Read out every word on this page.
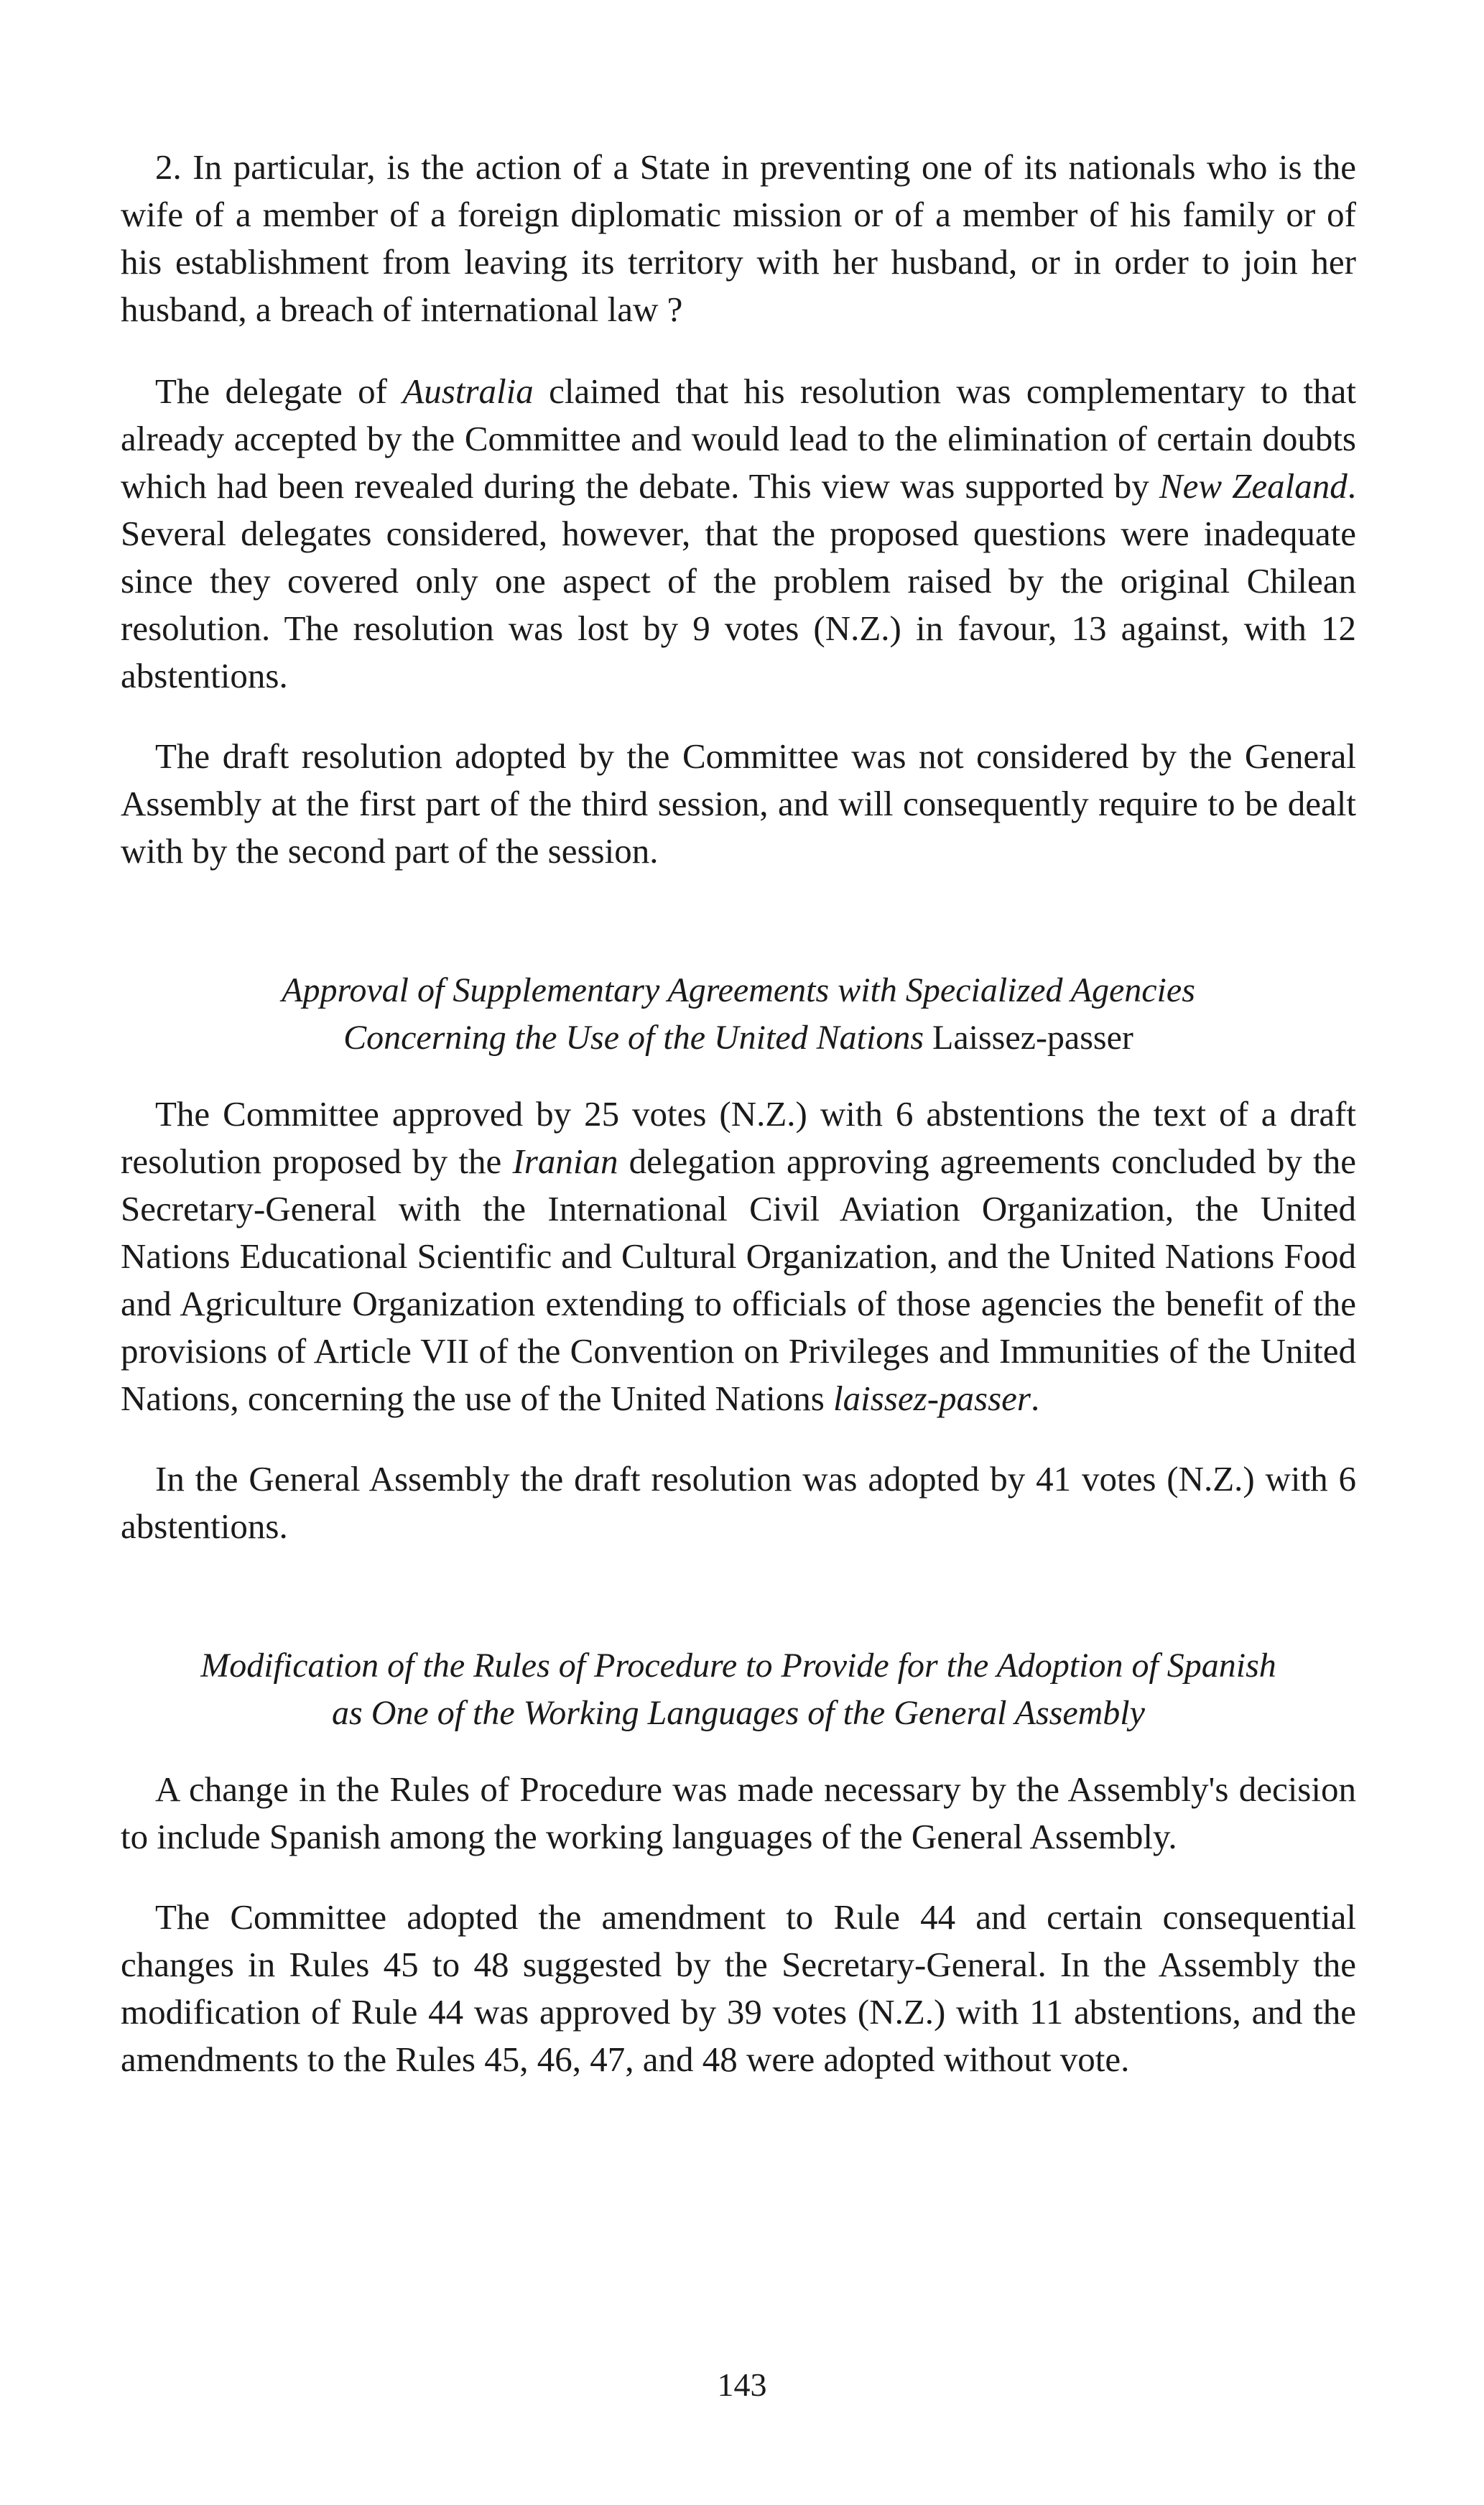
2. In particular, is the action of a State in preventing one of its nationals who is the wife of a member of a foreign diplomatic mission or of a member of his family or of his establishment from leaving its territory with her husband, or in order to join her husband, a breach of international law ?

The delegate of Australia claimed that his resolution was complementary to that already accepted by the Committee and would lead to the elimination of certain doubts which had been revealed during the debate. This view was supported by New Zealand. Several delegates considered, however, that the proposed questions were inadequate since they covered only one aspect of the problem raised by the original Chilean resolution. The resolution was lost by 9 votes (N.Z.) in favour, 13 against, with 12 abstentions.

The draft resolution adopted by the Committee was not considered by the General Assembly at the first part of the third session, and will consequently require to be dealt with by the second part of the session.

Approval of Supplementary Agreements with Specialized Agencies

Concerning the Use of the United Nations Laissez-passer

The Committee approved by 25 votes (N.Z.) with 6 abstentions the text of a draft resolution proposed by the Iranian delegation approving agreements concluded by the Secretary-General with the International Civil Aviation Organization, the United Nations Educational Scientific and Cultural Organization, and the United Nations Food and Agriculture Organization extending to officials of those agencies the benefit of the provisions of Article VII of the Convention on Privileges and Immunities of the United Nations, concerning the use of the United Nations laissez-passer.

In the General Assembly the draft resolution was adopted by 41 votes (N.Z.) with 6 abstentions.

Modification of the Rules of Procedure to Provide for the Adoption of Spanish

as One of the Working Languages of the General Assembly

A change in the Rules of Procedure was made necessary by the Assembly's decision to include Spanish among the working languages of the General Assembly.

The Committee adopted the amendment to Rule 44 and certain consequential changes in Rules 45 to 48 suggested by the Secretary-General. In the Assembly the modification of Rule 44 was approved by 39 votes (N.Z.) with 11 abstentions, and the amendments to the Rules 45, 46, 47, and 48 were adopted without vote.

143
